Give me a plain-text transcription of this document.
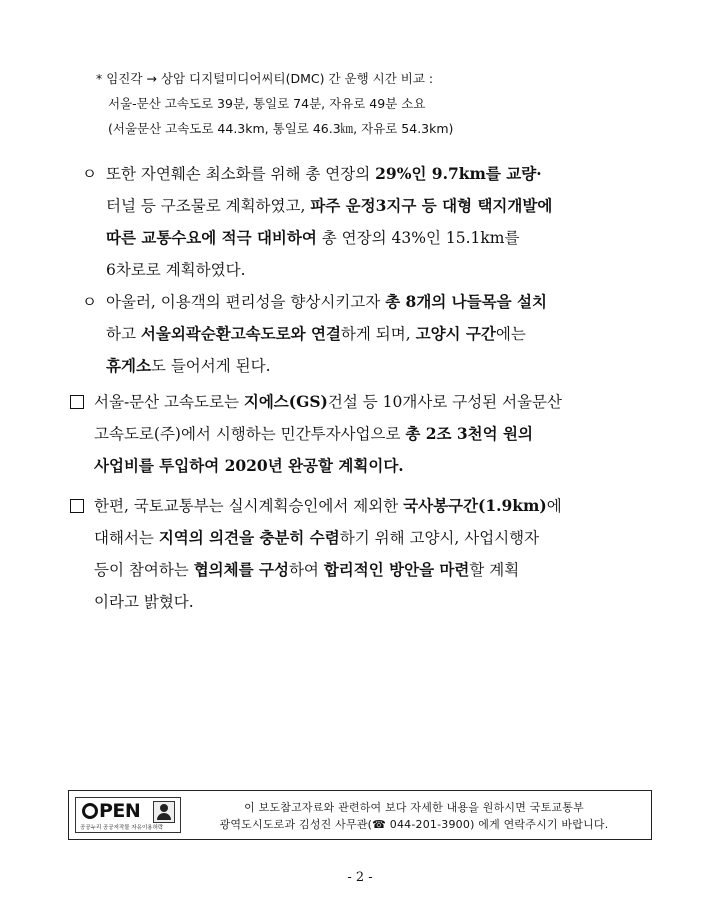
* 임진각 → 상암 디지털미디어씨티(DMC) 간 운행 시간 비교 :
서울-문산 고속도로 39분, 통일로 74분, 자유로 49분 소요
(서울문산 고속도로 44.3km, 통일로 46.3㎞, 자유로 54.3km)
ㅇ 또한 자연훼손 최소화를 위해 총 연장의 29%인 9.7km를 교량·
터널 등 구조물로 계획하였고, 파주 운정3지구 등 대형 택지개발에
따른 교통수요에 적극 대비하여 총 연장의 43%인 15.1km를
6차로로 계획하였다.
ㅇ 아울러, 이용객의 편리성을 향상시키고자 총 8개의 나들목을 설치
하고 서울외곽순환고속도로와 연결하게 되며, 고양시 구간에는
휴게소도 들어서게 된다.
서울-문산 고속도로는 지에스(GS)건설 등 10개사로 구성된 서울문산
고속도로(주)에서 시행하는 민간투자사업으로 총 2조 3천억 원의
사업비를 투입하여 2020년 완공할 계획이다.
한편, 국토교통부는 실시계획승인에서 제외한 국사봉구간(1.9km)에
대해서는 지역의 의견을 충분히 수렴하기 위해 고양시, 사업시행자
등이 참여하는 협의체를 구성하여 합리적인 방안을 마련할 계획
이라고 밝혔다.
PEN
공공누리 공공저작물 자유이용허락
이 보도참고자료와 관련하여 보다 자세한 내용을 원하시면 국토교통부
광역도시도로과 김성진 사무관(☎ 044-201-3900) 에게 연락주시기 바랍니다.
- 2 -
